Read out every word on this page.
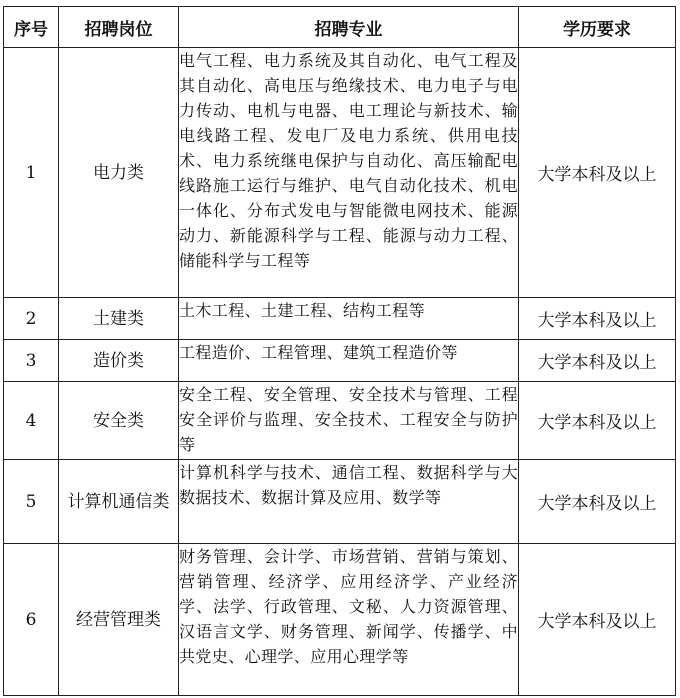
序号	招聘岗位	招聘专业	学历要求
1	电力类	电气工程、电力系统及其自动化、电气工程及其自动化、高电压与绝缘技术、电力电子与电力传动、电机与电器、电工理论与新技术、输电线路工程、发电厂及电力系统、供用电技术、电力系统继电保护与自动化、高压输配电线路施工运行与维护、电气自动化技术、机电一体化、分布式发电与智能微电网技术、能源动力、新能源科学与工程、能源与动力工程、储能科学与工程等	大学本科及以上
2	土建类	土木工程、土建工程、结构工程等	大学本科及以上
3	造价类	工程造价、工程管理、建筑工程造价等	大学本科及以上
4	安全类	安全工程、安全管理、安全技术与管理、工程安全评价与监理、安全技术、工程安全与防护等	大学本科及以上
5	计算机通信类	计算机科学与技术、通信工程、数据科学与大数据技术、数据计算及应用、数学等	大学本科及以上
6	经营管理类	财务管理、会计学、市场营销、营销与策划、营销管理、经济学、应用经济学、产业经济学、法学、行政管理、文秘、人力资源管理、汉语言文学、财务管理、新闻学、传播学、中共党史、心理学、应用心理学等	大学本科及以上
